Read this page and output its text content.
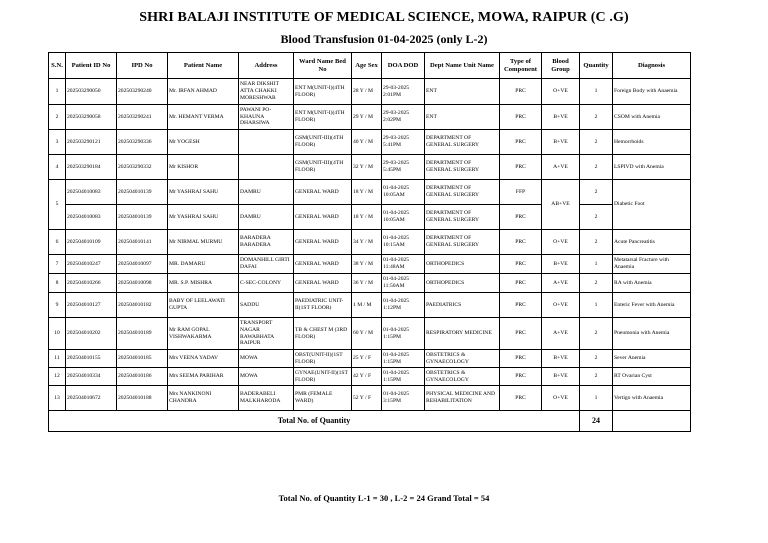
SHRI BALAJI INSTITUTE OF MEDICAL SCIENCE, MOWA, RAIPUR (C .G)
Blood Transfusion 01-04-2025 (only L-2)
S.N.	Patient ID No	IPD No	Patient Name	Address	Ward Name Bed No	Age Sex	DOA DOD	Dept Name Unit Name	Type of Component	Blood Group	Quantity	Diagnosis
1	202503290050	202503290240	Mr. IRFAN AHMAD	NEAR DIKSHIT ATTA CHAKKI MORESHWAR	ENT M(UNIT-I)(4TH FLOOR)	28 Y / M	29-03-2025 2:01PM	ENT	PRC	O+VE	1	Foreign Body with Anaemia
2	202503290058	202503290241	Mr. HEMANT VERMA	PAWANI PO-KHAUNA DHARSIWA	ENT M(UNIT-I)(4TH FLOOR)	29 Y / M	29-03-2025 2:02PM	ENT	PRC	B+VE	2	CSOM with Anemia
3	202503290121	202503290336	Mr YOGESH		GSM(UNIT-III)(4TH FLOOR)	40 Y / M	29-03-2025 5:41PM	DEPARTMENT OF GENERAL SURGERY	PRC	B+VE	2	Hemorrhoids
4	202503290184	202503290332	Mr KISHOR		GSM(UNIT-III)(4TH FLOOR)	32 Y / M	29-03-2025 5:45PM	DEPARTMENT OF GENERAL SURGERY	PRC	A+VE	2	LSPIVD with Anemia
5	202504010083	202504010139	Mr YASHRAJ SAHU	DAMRU	GENERAL WARD	18 Y / M	01-04-2025 10:05AM	DEPARTMENT OF GENERAL SURGERY	FFP	AB+VE	2	Diabetic Foot
	202504010083	202504010139	Mr YASHRAJ SAHU	DAMRU	GENERAL WARD	18 Y / M	01-04-2025 10:05AM	DEPARTMENT OF GENERAL SURGERY	PRC		2	
6	202504010109	202504010141	Mr NIRMAL MURMU	BARADERA BARADERA	GENERAL WARD	34 Y / M	01-04-2025 10:15AM	DEPARTMENT OF GENERAL SURGERY	PRC	O+VE	2	Acute Pancreatitis
7	202504010247	202504010097	MR. DAMARU	DOMANHILL GIRTI DAFAI	GENERAL WARD	38 Y / M	01-04-2025 11:48AM	ORTHOPEDICS	PRC	B+VE	1	Metatarsal Fracture with Anaemia
8	202504010266	202504010098	MR. S.P. MISHRA	C-SEC-COLONY	GENERAL WARD	36 Y / M	01-04-2025 11:50AM	ORTHOPEDICS	PRC	A+VE	2	RA with Anemia
9	202504010127	202504010182	BABY OF LEELAWATI GUPTA	SADDU	PAEDIATRIC UNIT-II(1ST FLOOR)	1 M / M	01-04-2025 1:12PM	PAEDIATRICS	PRC	O+VE	1	Enteric Fever with Anemia
10	202504010202	202504010189	Mr RAM GOPAL VISHWAKARMA	TRANSPORT NAGAR RAWABHATA RAIPUR	TB & CHEST M (3RD FLOOR)	60 Y / M	01-04-2025 1:15PM	RESPIRATORY MEDICINE	PRC	A+VE	2	Pneumonia with Anemia
11	202504010155	202504010185	Mrs VEENA YADAV	MOWA	OBST(UNIT-II)(1ST FLOOR)	25 Y / F	01-04-2025 1:15PM	OBSTETRICS & GYNAECOLOGY	PRC	B+VE	2	Sever Anemia
12	202504010334	202504010186	Mrs SEEMA PARIHAR	MOWA	GYNAE(UNIT-II)(1ST FLOOR)	42 Y / F	01-04-2025 1:15PM	OBSTETRICS & GYNAECOLOGY	PRC	B+VE	2	RT Ovarian Cyst
13	202504010672	202504010188	Mrs NANKINONI CHANDRA	BADERABELI MALKHARODA	PMR (FEMALE WARD)	52 Y / F	01-04-2025 3:15PM	PHYSICAL MEDICINE AND REHABILITATION	PRC	O+VE	1	Vertigo with Anaemia
Total No. of Quantity											24	
Total No. of Quantity L-1 = 30 , L-2 = 24 Grand Total = 54
